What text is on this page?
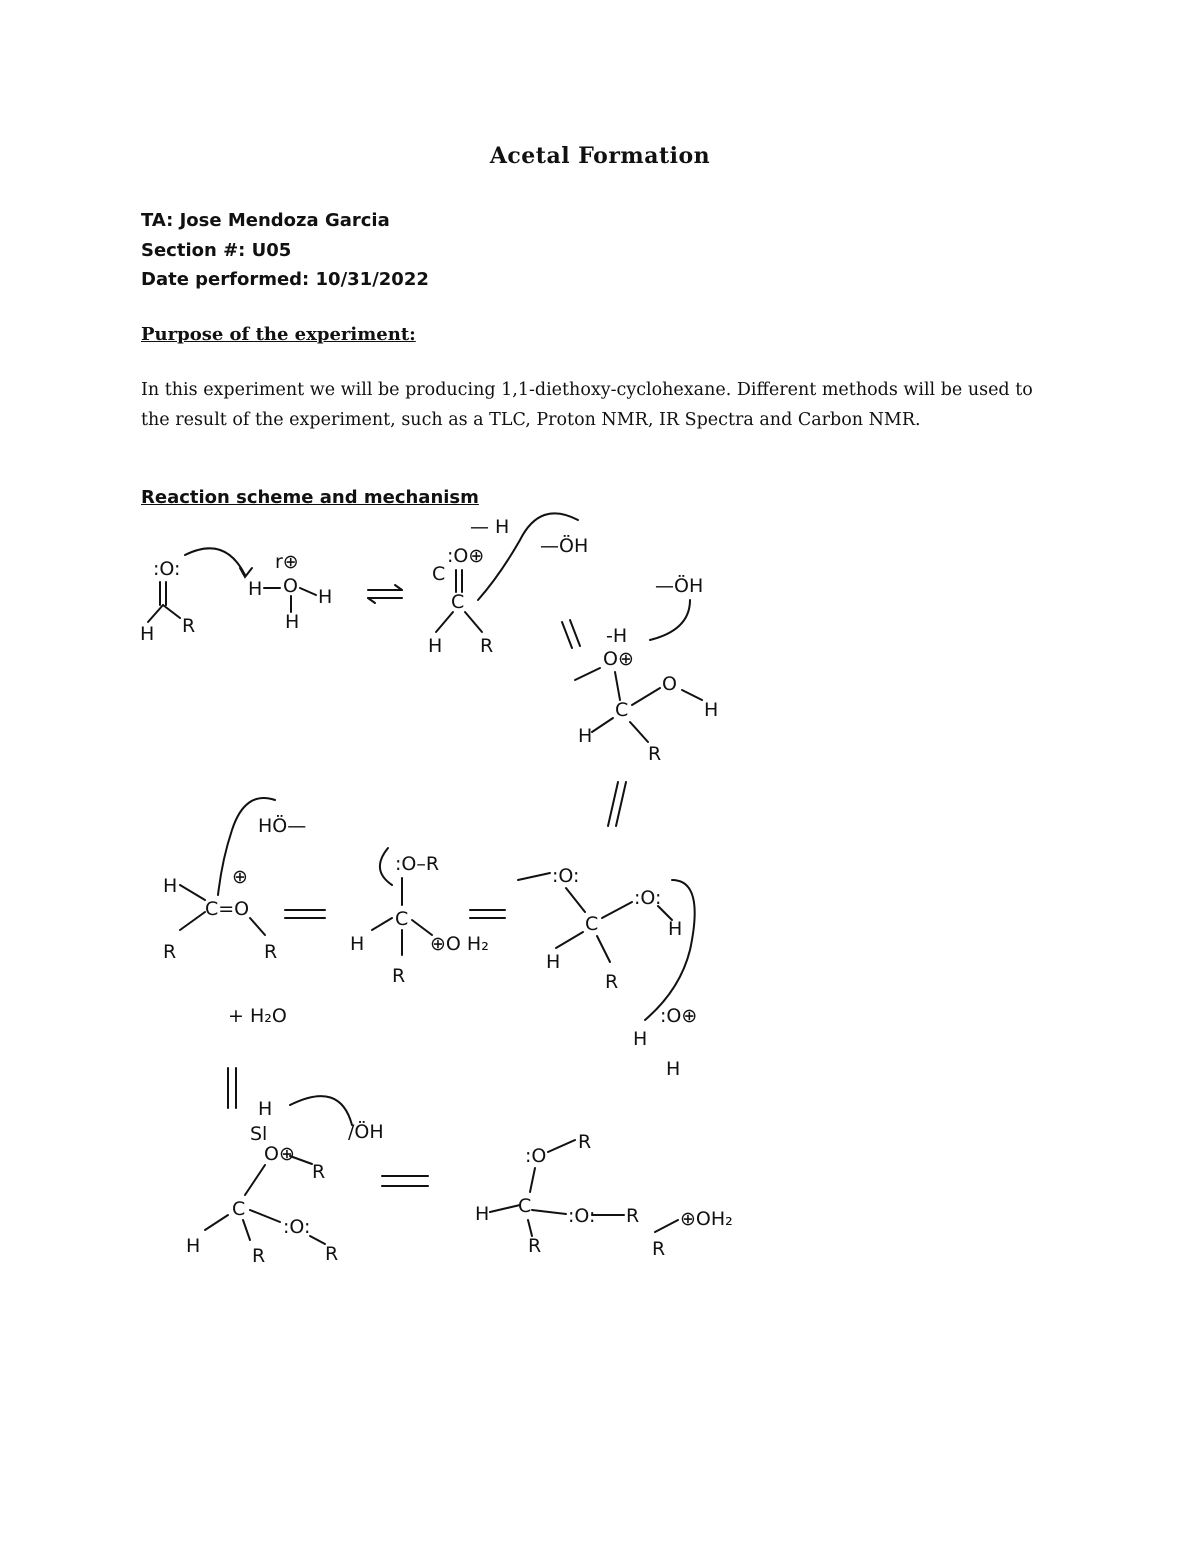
Acetal Formation
TA: Jose Mendoza Garcia
Section #: U05
Date performed: 10/31/2022
Purpose of the experiment:
In this experiment we will be producing 1,1-diethoxy-cyclohexane. Different methods will be used to the result of the experiment, such as a TLC, Proton NMR, IR Spectra and Carbon NMR.
Reaction scheme and mechanism
:O:
H R
H O
r⊕
H
H
:O⊕
— H
C
C
H R
—ÖH
—ÖH
-H
O⊕
C
O
H
H
R
:O:
C
:O:
H
H
R
:O⊕
H
H
:O–R
C
H	⊕O H₂
R
HÖ—
H	⊕
C=O
R	R
+ H₂O
/ÖH
H
Sl
O⊕
R
C
H	R
:O:
R
:O
R
H C :O: R
R
⊕OH₂
R
